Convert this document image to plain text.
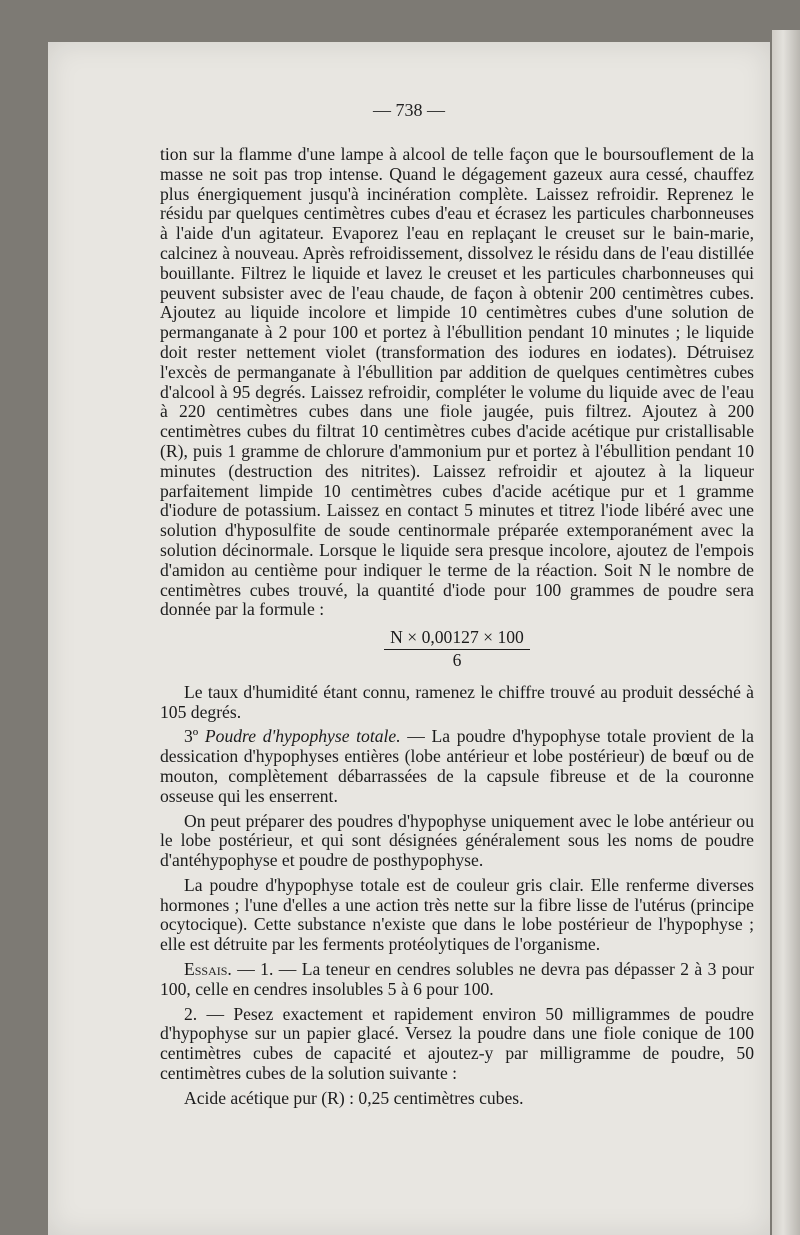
— 738 —

tion sur la flamme d'une lampe à alcool de telle façon que le boursouflement de la masse ne soit pas trop intense. Quand le dégagement gazeux aura cessé, chauffez plus énergiquement jusqu'à incinération complète. Laissez refroidir. Reprenez le résidu par quelques centimètres cubes d'eau et écrasez les particules charbonneuses à l'aide d'un agitateur. Evaporez l'eau en replaçant le creuset sur le bain-marie, calcinez à nouveau. Après refroidissement, dissolvez le résidu dans de l'eau distillée bouillante. Filtrez le liquide et lavez le creuset et les particules charbonneuses qui peuvent subsister avec de l'eau chaude, de façon à obtenir 200 centimètres cubes. Ajoutez au liquide incolore et limpide 10 centimètres cubes d'une solution de permanganate à 2 pour 100 et portez à l'ébullition pendant 10 minutes ; le liquide doit rester nettement violet (transformation des iodures en iodates). Détruisez l'excès de permanganate à l'ébullition par addition de quelques centimètres cubes d'alcool à 95 degrés. Laissez refroidir, compléter le volume du liquide avec de l'eau à 220 centimètres cubes dans une fiole jaugée, puis filtrez. Ajoutez à 200 centimètres cubes du filtrat 10 centimètres cubes d'acide acétique pur cristallisable (R), puis 1 gramme de chlorure d'ammonium pur et portez à l'ébullition pendant 10 minutes (destruction des nitrites). Laissez refroidir et ajoutez à la liqueur parfaitement limpide 10 centimètres cubes d'acide acétique pur et 1 gramme d'iodure de potassium. Laissez en contact 5 minutes et titrez l'iode libéré avec une solution d'hyposulfite de soude centinormale préparée extemporanément avec la solution décinormale. Lorsque le liquide sera presque incolore, ajoutez de l'empois d'amidon au centième pour indiquer le terme de la réaction. Soit N le nombre de centimètres cubes trouvé, la quantité d'iode pour 100 grammes de poudre sera donnée par la formule :

$\frac{N \times 0,00127 \times 100}{6}$

Le taux d'humidité étant connu, ramenez le chiffre trouvé au produit desséché à 105 degrés.

3º Poudre d'hypophyse totale. — La poudre d'hypophyse totale provient de la dessication d'hypophyses entières (lobe antérieur et lobe postérieur) de bœuf ou de mouton, complètement débarrassées de la capsule fibreuse et de la couronne osseuse qui les enserrent.

On peut préparer des poudres d'hypophyse uniquement avec le lobe antérieur ou le lobe postérieur, et qui sont désignées généralement sous les noms de poudre d'antéhypophyse et poudre de posthypophyse.

La poudre d'hypophyse totale est de couleur gris clair. Elle renferme diverses hormones ; l'une d'elles a une action très nette sur la fibre lisse de l'utérus (principe ocytocique). Cette substance n'existe que dans le lobe postérieur de l'hypophyse ; elle est détruite par les ferments protéolytiques de l'organisme.

Essais. — 1. — La teneur en cendres solubles ne devra pas dépasser 2 à 3 pour 100, celle en cendres insolubles 5 à 6 pour 100.

2. — Pesez exactement et rapidement environ 50 milligrammes de poudre d'hypophyse sur un papier glacé. Versez la poudre dans une fiole conique de 100 centimètres cubes de capacité et ajoutez-y par milligramme de poudre, 50 centimètres cubes de la solution suivante :

Acide acétique pur (R) : 0,25 centimètres cubes.
